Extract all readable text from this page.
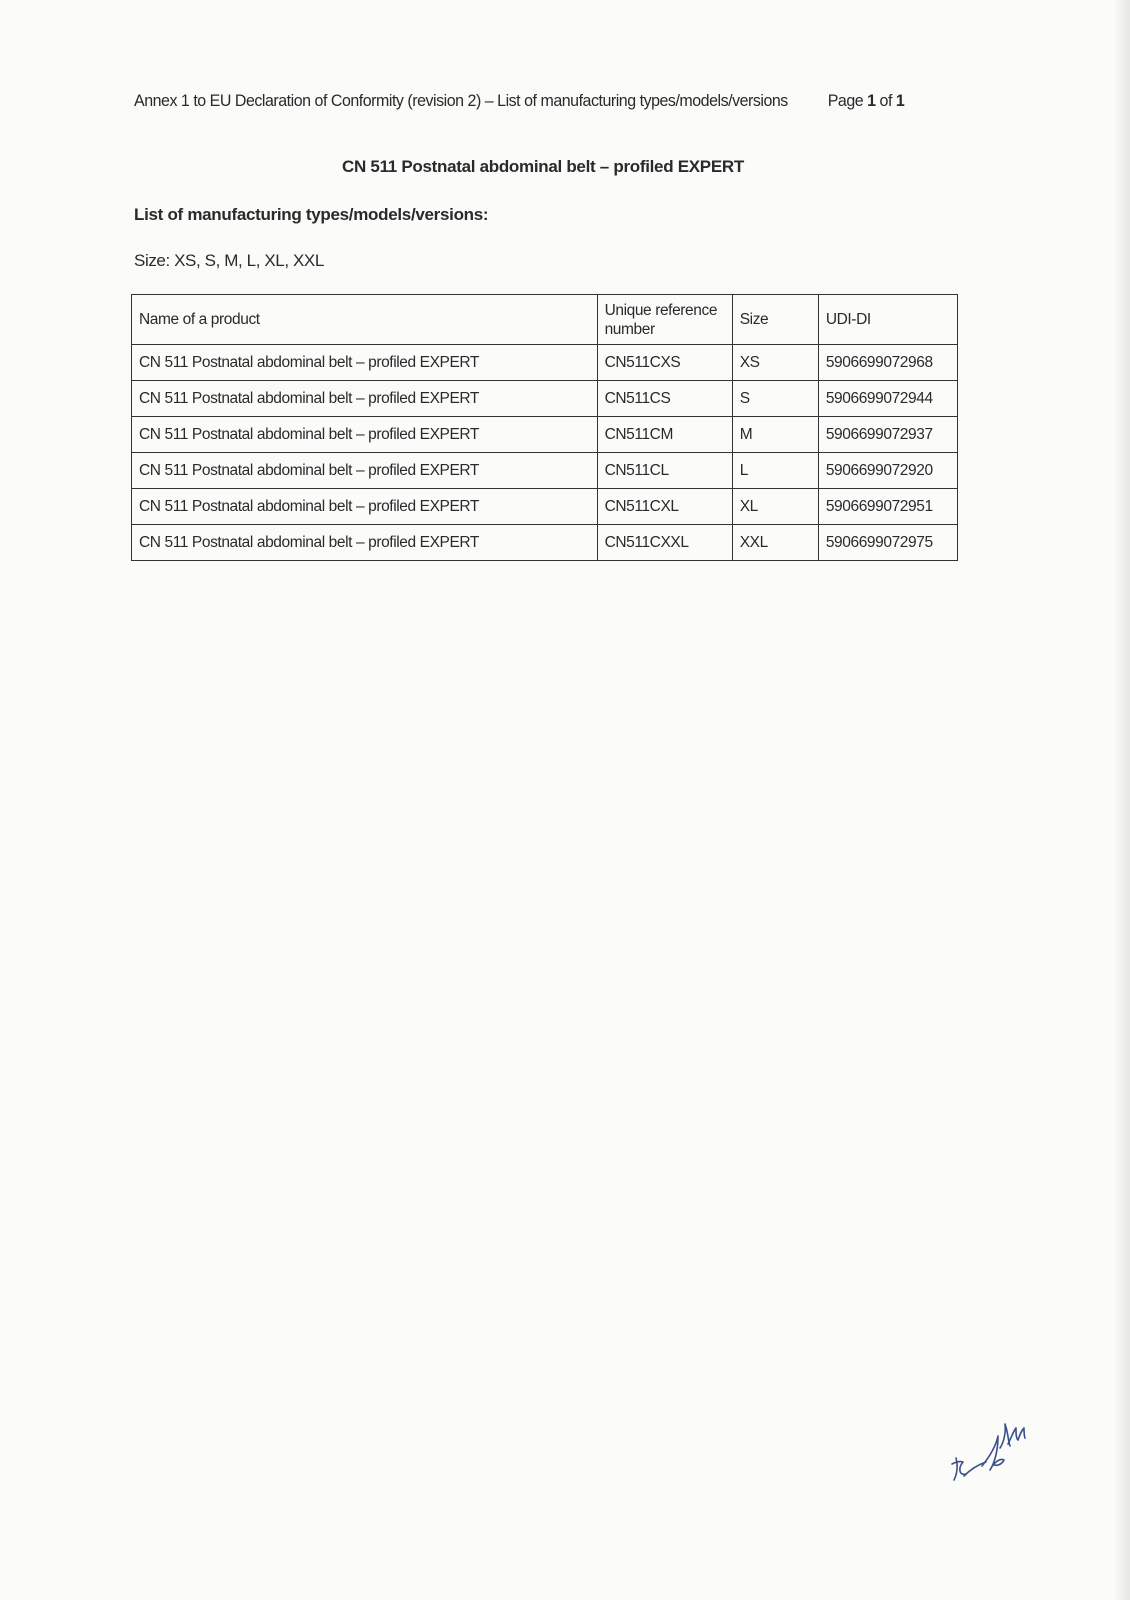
Annex 1 to EU Declaration of Conformity (revision 2) – List of manufacturing types/models/versions Page 1 of 1
CN 511 Postnatal abdominal belt – profiled EXPERT
List of manufacturing types/models/versions:
Size: XS, S, M, L, XL, XXL
Name of a product	Unique reference number	Size	UDI-DI
CN 511 Postnatal abdominal belt – profiled EXPERT	CN511CXS	XS	5906699072968
CN 511 Postnatal abdominal belt – profiled EXPERT	CN511CS	S	5906699072944
CN 511 Postnatal abdominal belt – profiled EXPERT	CN511CM	M	5906699072937
CN 511 Postnatal abdominal belt – profiled EXPERT	CN511CL	L	5906699072920
CN 511 Postnatal abdominal belt – profiled EXPERT	CN511CXL	XL	5906699072951
CN 511 Postnatal abdominal belt – profiled EXPERT	CN511CXXL	XXL	5906699072975
